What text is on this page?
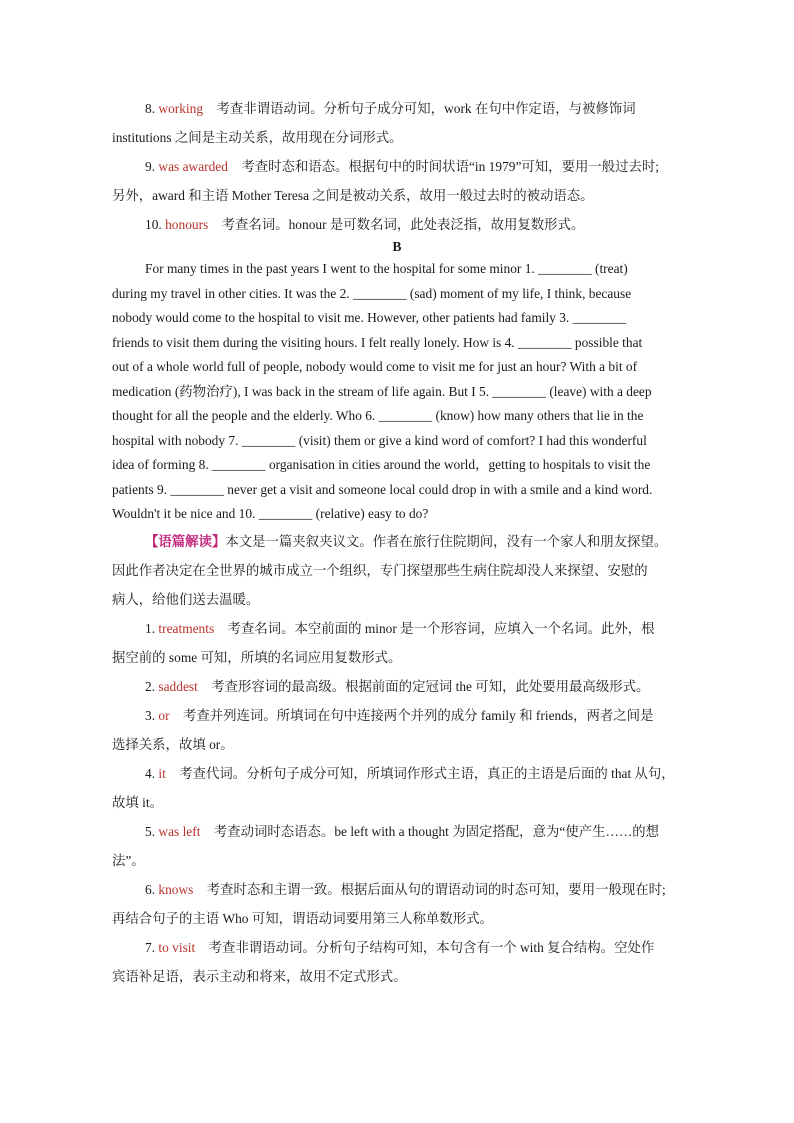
8. working 考查非谓语动词。分析句子成分可知，work 在句中作定语，与被修饰词

institutions 之间是主动关系，故用现在分词形式。

9. was awarded 考查时态和语态。根据句中的时间状语“in 1979”可知，要用一般过去时;

另外，award 和主语 Mother Teresa 之间是被动关系，故用一般过去时的被动语态。

10. honours 考查名词。honour 是可数名词，此处表泛指，故用复数形式。

B

For many times in the past years I went to the hospital for some minor 1. ________ (treat)

during my travel in other cities. It was the 2. ________ (sad) moment of my life, I think, because

nobody would come to the hospital to visit me. However, other patients had family 3. ________

friends to visit them during the visiting hours. I felt really lonely. How is 4. ________ possible that

out of a whole world full of people, nobody would come to visit me for just an hour? With a bit of

medication (药物治疗), I was back in the stream of life again. But I 5. ________ (leave) with a deep

thought for all the people and the elderly. Who 6. ________ (know) how many others that lie in the

hospital with nobody 7. ________ (visit) them or give a kind word of comfort? I had this wonderful

idea of forming 8. ________ organisation in cities around the world，getting to hospitals to visit the

patients 9. ________ never get a visit and someone local could drop in with a smile and a kind word.

Wouldn't it be nice and 10. ________ (relative) easy to do?

【语篇解读】本文是一篇夹叙夹议文。作者在旅行住院期间，没有一个家人和朋友探望。

因此作者决定在全世界的城市成立一个组织，专门探望那些生病住院却没人来探望、安慰的

病人，给他们送去温暖。

1. treatments 考查名词。本空前面的 minor 是一个形容词，应填入一个名词。此外，根

据空前的 some 可知，所填的名词应用复数形式。

2. saddest 考查形容词的最高级。根据前面的定冠词 the 可知，此处要用最高级形式。

3. or 考查并列连词。所填词在句中连接两个并列的成分 family 和 friends，两者之间是

选择关系，故填 or。

4. it 考查代词。分析句子成分可知，所填词作形式主语，真正的主语是后面的 that 从句，

故填 it。

5. was left 考查动词时态语态。be left with a thought 为固定搭配，意为“使产生……的想

法”。

6. knows 考查时态和主谓一致。根据后面从句的谓语动词的时态可知，要用一般现在时;

再结合句子的主语 Who 可知，谓语动词要用第三人称单数形式。

7. to visit 考查非谓语动词。分析句子结构可知，本句含有一个 with 复合结构。空处作

宾语补足语，表示主动和将来，故用不定式形式。
